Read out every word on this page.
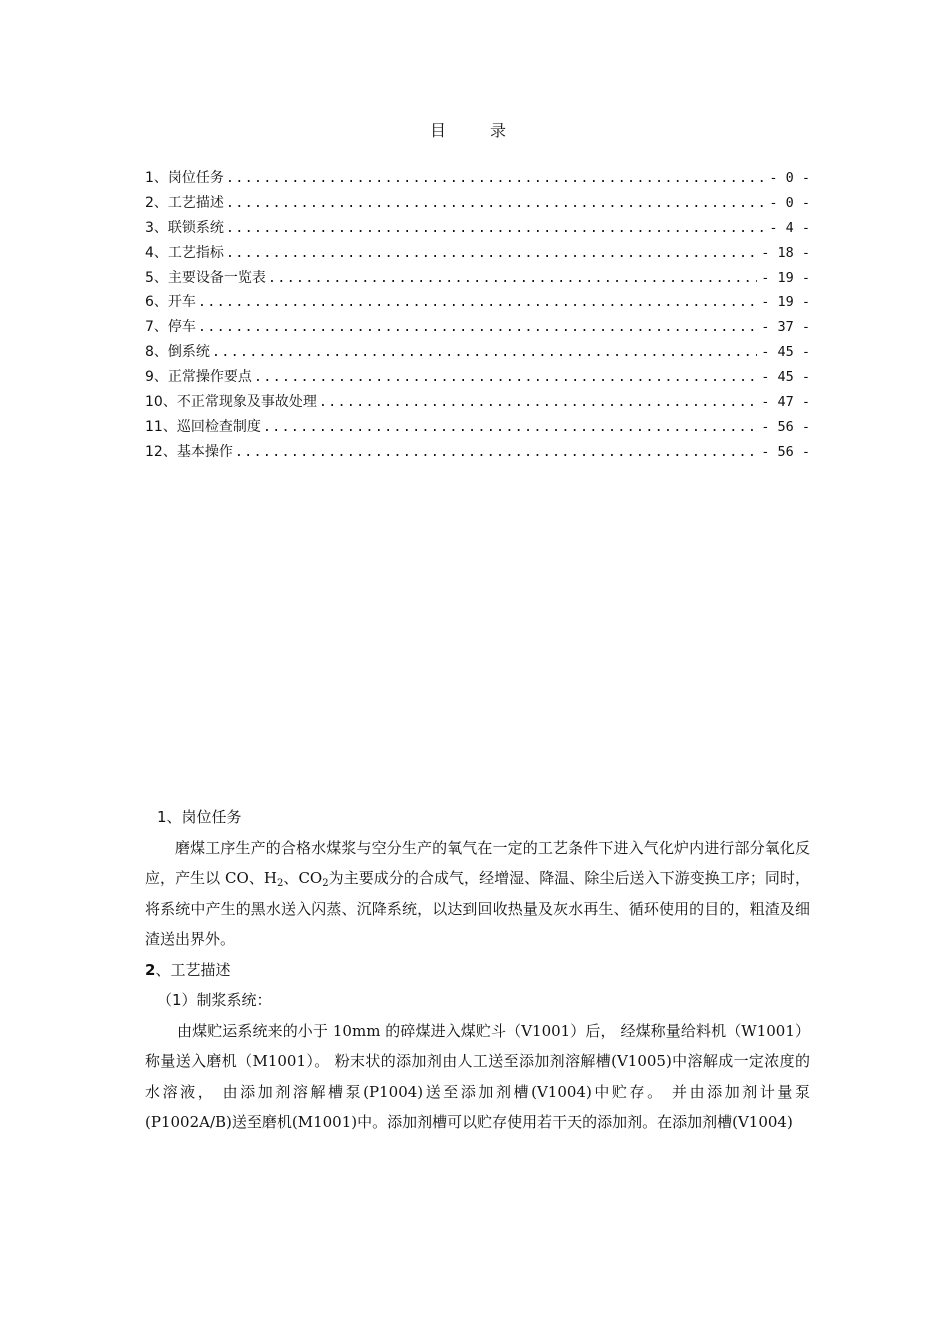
目　录
1、岗位任务 .....	- 0 -
2、工艺描述 .....	- 0 -
3、联锁系统 .....	- 4 -
4、工艺指标 .....	- 18 -
5、主要设备一览表 .....	- 19 -
6、开车 .....	- 19 -
7、停车 .....	- 37 -
8、倒系统 .....	- 45 -
9、正常操作要点 .....	- 45 -
10、不正常现象及事故处理 .....	- 47 -
11、巡回检查制度 .....	- 56 -
12、基本操作 .....	- 56 -

1、岗位任务

磨煤工序生产的合格水煤浆与空分生产的氧气在一定的工艺条件下进入气化炉内进行部分氧化反应，产生以 CO、$H_2$、$CO_2$为主要成分的合成气，经增湿、降温、除尘后送入下游变换工序；同时，将系统中产生的黑水送入闪蒸、沉降系统，以达到回收热量及灰水再生、循环使用的目的，粗渣及细渣送出界外。

2、工艺描述

（1）制浆系统：

由煤贮运系统来的小于 10mm 的碎煤进入煤贮斗（V1001）后， 经煤称量给料机（W1001）称量送入磨机（M1001）。 粉末状的添加剂由人工送至添加剂溶解槽(V1005)中溶解成一定浓度的水溶液， 由添加剂溶解槽泵(P1004)送至添加剂槽(V1004)中贮存。 并由添加剂计量泵(P1002A/B)送至磨机(M1001)中。添加剂槽可以贮存使用若干天的添加剂。在添加剂槽(V1004)
